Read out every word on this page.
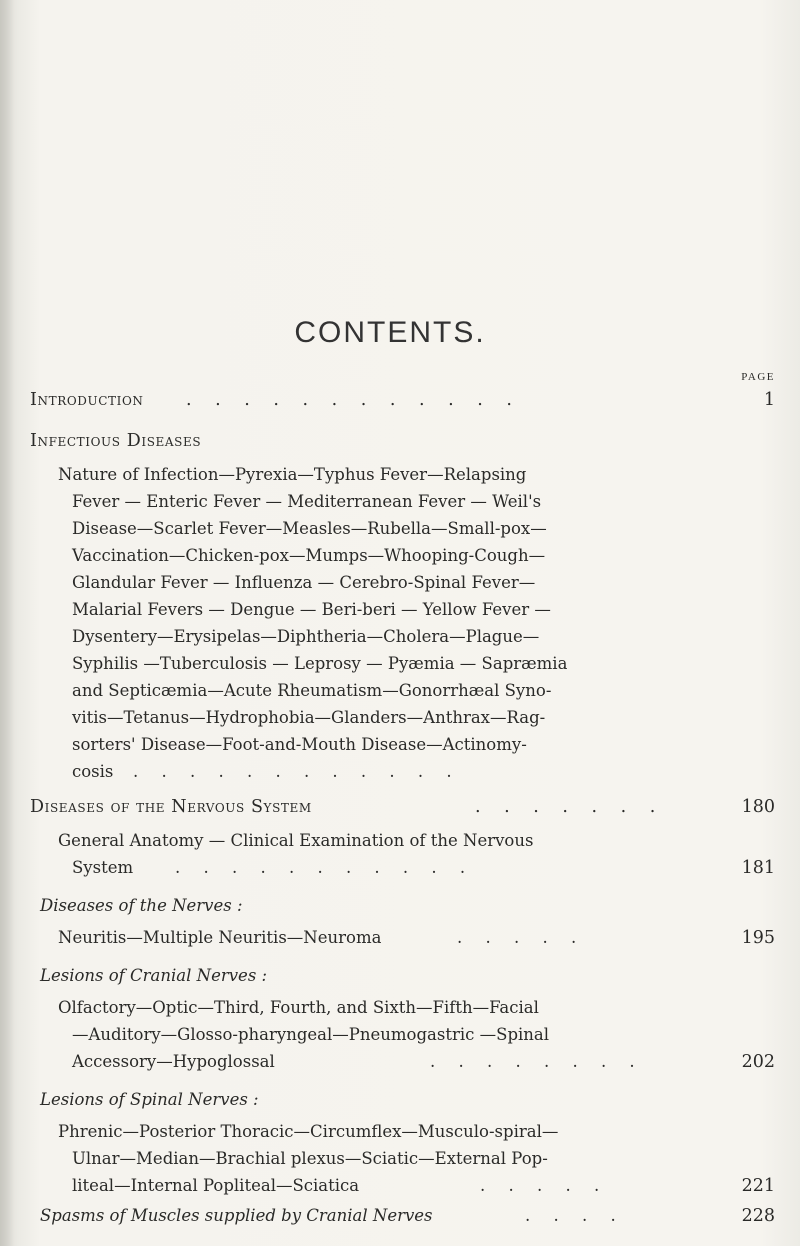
CONTENTS.
PAGE
Introduction . . . . . . . . . . . .	1
Infectious Diseases
Nature of Infection—Pyrexia—Typhus Fever—Relapsing
Fever — Enteric Fever — Mediterranean Fever — Weil's
Disease—Scarlet Fever—Measles—Rubella—Small-pox—
Vaccination—Chicken-pox—Mumps—Whooping-Cough—
Glandular Fever — Influenza — Cerebro-Spinal Fever—
Malarial Fevers — Dengue — Beri-beri — Yellow Fever —
Dysentery—Erysipelas—Diphtheria—Cholera—Plague—
Syphilis —Tuberculosis — Leprosy — Pyæmia — Sapræmia
and Septicæmia—Acute Rheumatism—Gonorrhæal Syno-
vitis—Tetanus—Hydrophobia—Glanders—Anthrax—Rag-
sorters' Disease—Foot-and-Mouth Disease—Actinomy-
cosis . . . . . . . . . . . .
Diseases of the Nervous System	. . . . . . .	180
General Anatomy — Clinical Examination of the Nervous
System	. . . . . . . . . . .	181
Diseases of the Nerves :
Neuritis—Multiple Neuritis—Neuroma	. . . . .	195
Lesions of Cranial Nerves :
Olfactory—Optic—Third, Fourth, and Sixth—Fifth—Facial
—Auditory—Glosso-pharyngeal—Pneumogastric —Spinal
Accessory—Hypoglossal	. . . . . . . .	202
Lesions of Spinal Nerves :
Phrenic—Posterior Thoracic—Circumflex—Musculo-spiral—
Ulnar—Median—Brachial plexus—Sciatic—External Pop-
liteal—Internal Popliteal—Sciatica	. . . . .	221
Spasms of Muscles supplied by Cranial Nerves	. . . .	228
